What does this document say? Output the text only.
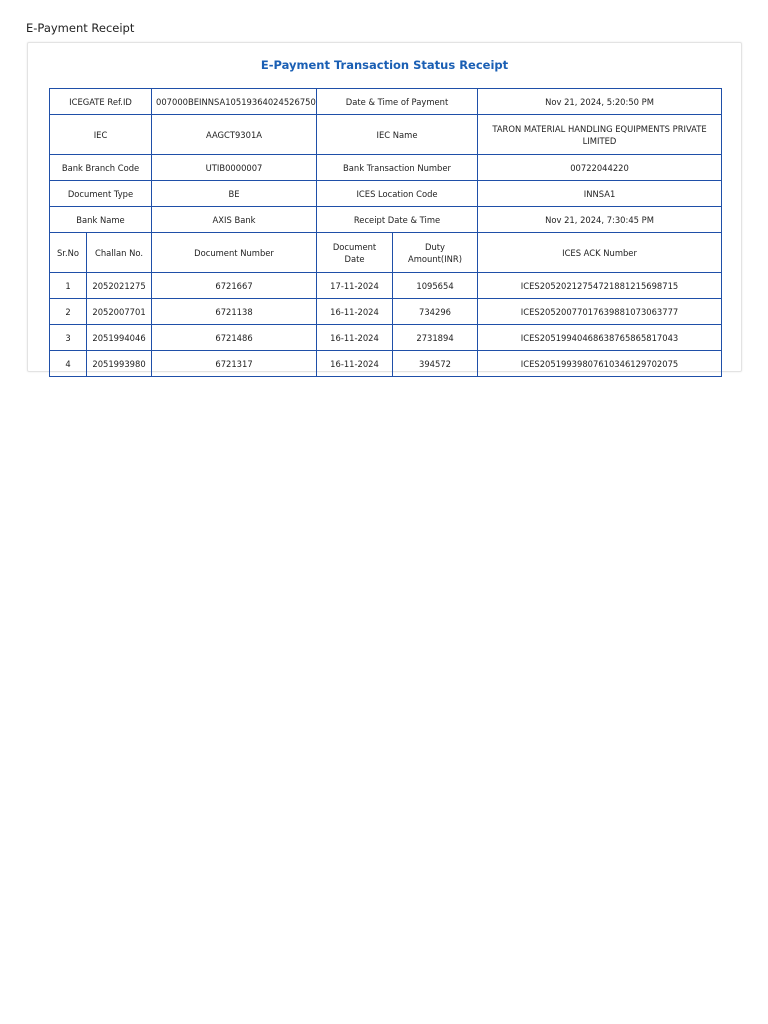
E-Payment Receipt
E-Payment Transaction Status Receipt
ICEGATE Ref.ID		007000BEINNSA10519364024526750	Date & Time of Payment		Nov 21, 2024, 5:20:50 PM
IEC		AAGCT9301A	IEC Name		TARON MATERIAL HANDLING EQUIPMENTS PRIVATE LIMITED
Bank Branch Code		UTIB0000007	Bank Transaction Number		00722044220
Document Type		BE	ICES Location Code		INNSA1
Bank Name		AXIS Bank	Receipt Date & Time		Nov 21, 2024, 7:30:45 PM
Sr.No	Challan No.	Document Number	Document Date	Duty Amount(INR)	ICES ACK Number
1	2052021275	6721667	17-11-2024	1095654	ICES20520212754721881215698715
2	2052007701	6721138	16-11-2024	734296	ICES20520077017639881073063777
3	2051994046	6721486	16-11-2024	2731894	ICES20519940468638765865817043
4	2051993980	6721317	16-11-2024	394572	ICES20519939807610346129702075
